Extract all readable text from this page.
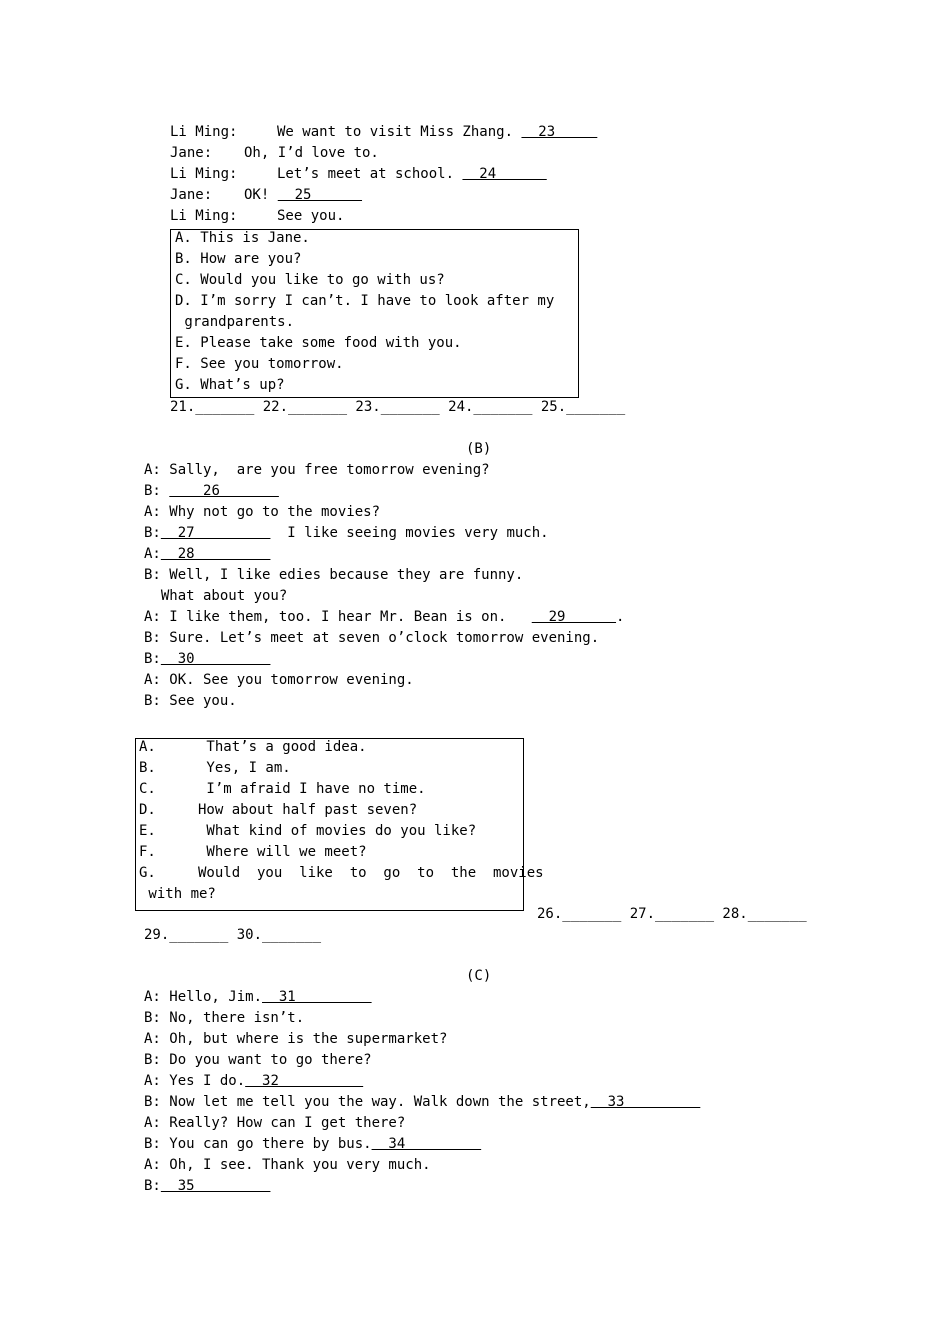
Li Ming:	We want to visit Miss Zhang.   23
Jane: Oh, I’d love to.
Li Ming:	Let’s meet at school.   24
Jane: OK!   25
Li Ming:	See you.
A. This is Jane.
B. How are you?
C. Would you like to go with us?
D. I’m sorry I can’t. I have to look after my
grandparents.
E. Please take some food with you.
F. See you tomorrow.
G. What’s up?
21._______ 22._______ 23._______ 24._______ 25._______
(B)
A: Sally,  are you free tomorrow evening?
B:     26
A: Why not go to the movies?
B:  27           I like seeing movies very much.
A:  28
B: Well, I like edies because they are funny.
What about you?
A: I like them, too. I hear Mr. Bean is on.     29      .
B: Sure. Let’s meet at seven o’clock tomorrow evening.
B:  30
A: OK. See you tomorrow evening.
B: See you.
A.      That’s a good idea.
B.      Yes, I am.
C.      I’m afraid I have no time.
D.     How about half past seven?
E.      What kind of movies do you like?
F.      Where will we meet?
G.     Would  you  like  to  go  to  the  movies
with me?
26._______ 27._______ 28._______
29._______ 30._______
(C)
A: Hello, Jim.  31
B: No, there isn’t.
A: Oh, but where is the supermarket?
B: Do you want to go there?
A: Yes I do.  32
B: Now let me tell you the way. Walk down the street,  33
A: Really? How can I get there?
B: You can go there by bus.  34
A: Oh, I see. Thank you very much.
B:  35
